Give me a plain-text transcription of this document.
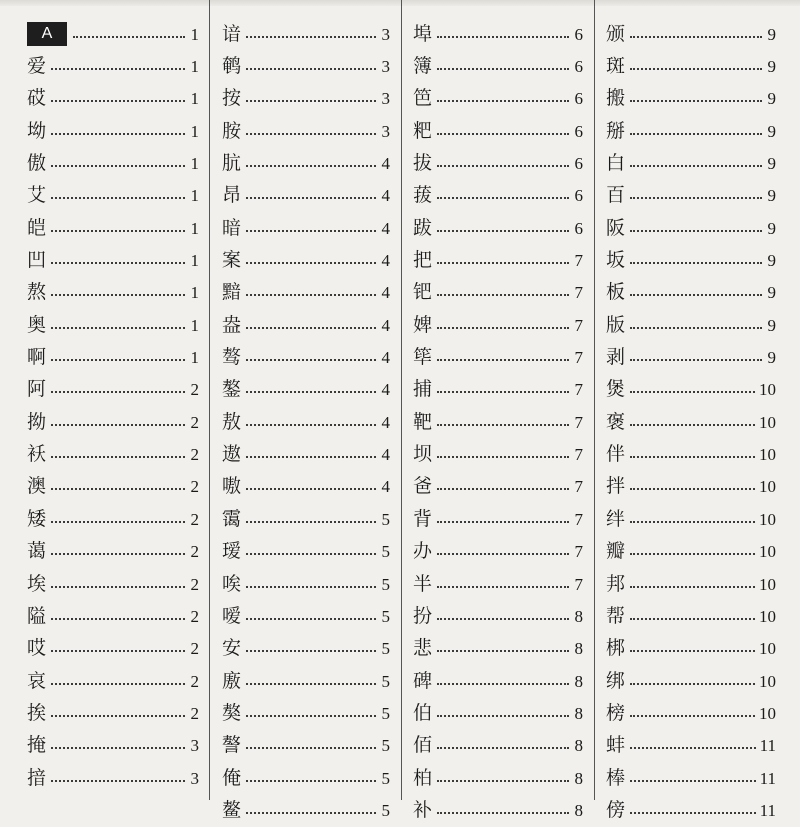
A	1
爱	1
砹	1
坳	1
傲	1
艾	1
皑	1
凹	1
熬	1
奥	1
啊	1
阿	2
拗	2
袄	2
澳	2
矮	2
蔼	2
埃	2
隘	2
哎	2
哀	2
挨	2
掩	3
揞	3
谙	3
鹌	3
按	3
胺	3
肮	4
昂	4
暗	4
案	4
黯	4
盎	4
骜	4
鏊	4
敖	4
遨	4
嗷	4
霭	5
瑷	5
唉	5
嗳	5
安	5
廒	5
獒	5
謷	5
俺	5
鳌	5
埠	6
簿	6
笆	6
粑	6
拔	6
菝	6
跋	6
把	7
钯	7
婢	7
筚	7
捕	7
靶	7
坝	7
爸	7
背	7
办	7
半	7
扮	8
悲	8
碑	8
伯	8
佰	8
柏	8
补	8
颁	9
斑	9
搬	9
掰	9
白	9
百	9
阪	9
坂	9
板	9
版	9
剥	9
煲	10
褒	10
伴	10
拌	10
绊	10
瓣	10
邦	10
帮	10
梆	10
绑	10
榜	10
蚌	11
棒	11
傍	11
